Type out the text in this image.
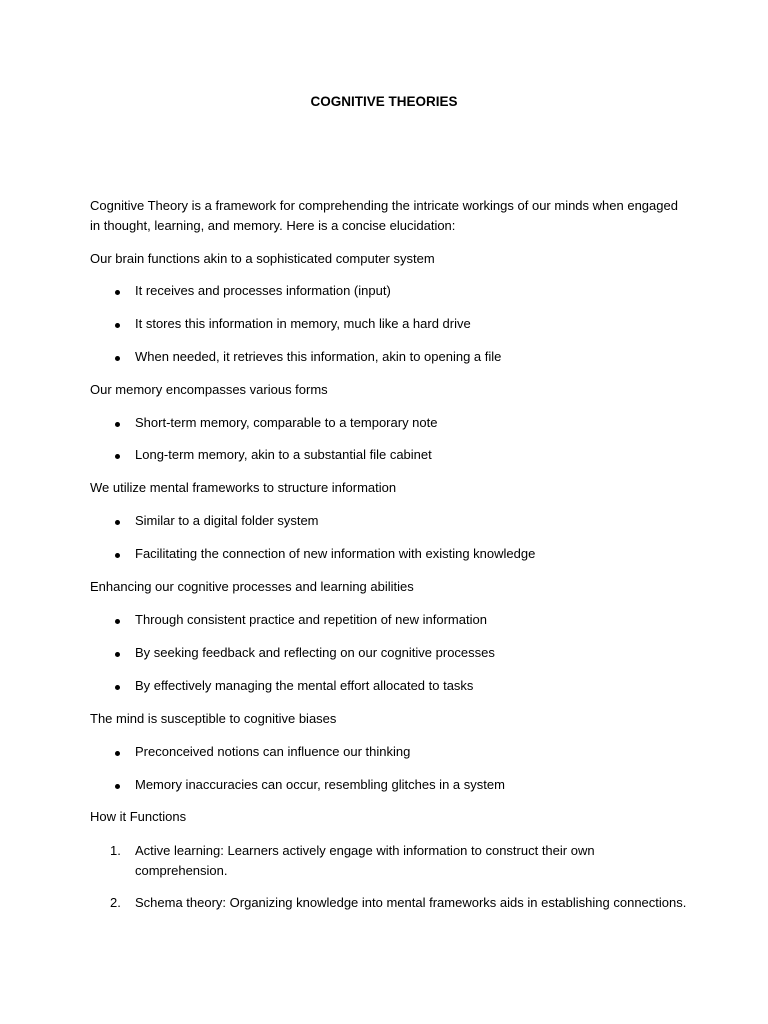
COGNITIVE THEORIES
Cognitive Theory is a framework for comprehending the intricate workings of our minds when engaged in thought, learning, and memory. Here is a concise elucidation:
Our brain functions akin to a sophisticated computer system
It receives and processes information (input)
It stores this information in memory, much like a hard drive
When needed, it retrieves this information, akin to opening a file
Our memory encompasses various forms
Short-term memory, comparable to a temporary note
Long-term memory, akin to a substantial file cabinet
We utilize mental frameworks to structure information
Similar to a digital folder system
Facilitating the connection of new information with existing knowledge
Enhancing our cognitive processes and learning abilities
Through consistent practice and repetition of new information
By seeking feedback and reflecting on our cognitive processes
By effectively managing the mental effort allocated to tasks
The mind is susceptible to cognitive biases
Preconceived notions can influence our thinking
Memory inaccuracies can occur, resembling glitches in a system
How it Functions
1.	Active learning: Learners actively engage with information to construct their own comprehension.
2.	Schema theory: Organizing knowledge into mental frameworks aids in establishing connections.
